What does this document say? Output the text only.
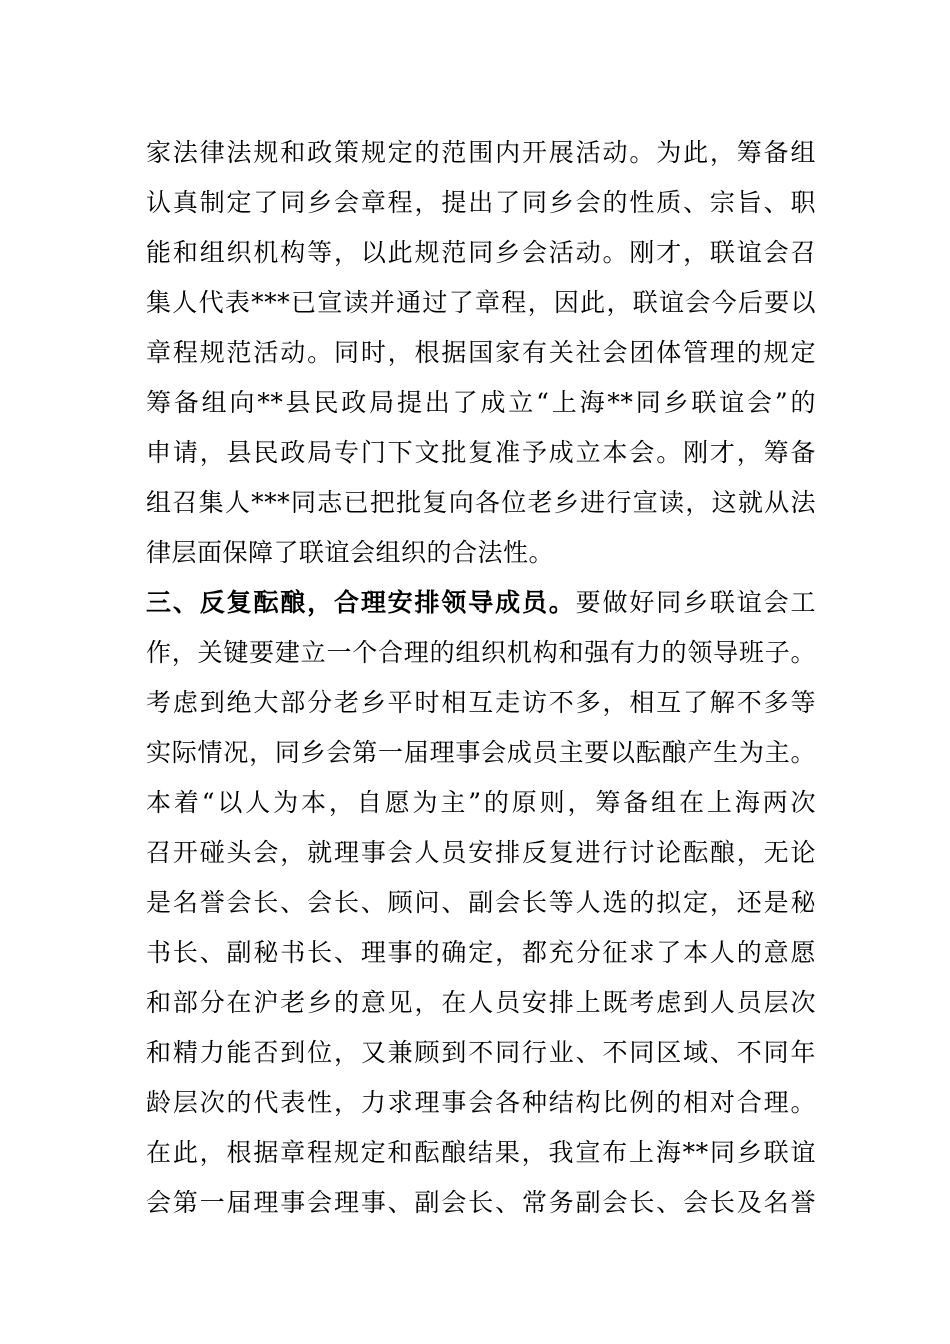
家法律法规和政策规定的范围内开展活动。为此，筹备组
认真制定了同乡会章程，提出了同乡会的性质、宗旨、职
能和组织机构等，以此规范同乡会活动。刚才，联谊会召
集人代表***已宣读并通过了章程，因此，联谊会今后要以
章程规范活动。同时，根据国家有关社会团体管理的规定
筹备组向**县民政局提出了成立“上海**同乡联谊会”的
申请，县民政局专门下文批复准予成立本会。刚才，筹备
组召集人***同志已把批复向各位老乡进行宣读，这就从法
律层面保障了联谊会组织的合法性。
三、反复酝酿，合理安排领导成员。要做好同乡联谊会工
作，关键要建立一个合理的组织机构和强有力的领导班子。
考虑到绝大部分老乡平时相互走访不多，相互了解不多等
实际情况，同乡会第一届理事会成员主要以酝酿产生为主。
本着“以人为本，自愿为主”的原则，筹备组在上海两次
召开碰头会，就理事会人员安排反复进行讨论酝酿，无论
是名誉会长、会长、顾问、副会长等人选的拟定，还是秘
书长、副秘书长、理事的确定，都充分征求了本人的意愿
和部分在沪老乡的意见，在人员安排上既考虑到人员层次
和精力能否到位，又兼顾到不同行业、不同区域、不同年
龄层次的代表性，力求理事会各种结构比例的相对合理。
在此，根据章程规定和酝酿结果，我宣布上海**同乡联谊
会第一届理事会理事、副会长、常务副会长、会长及名誉
